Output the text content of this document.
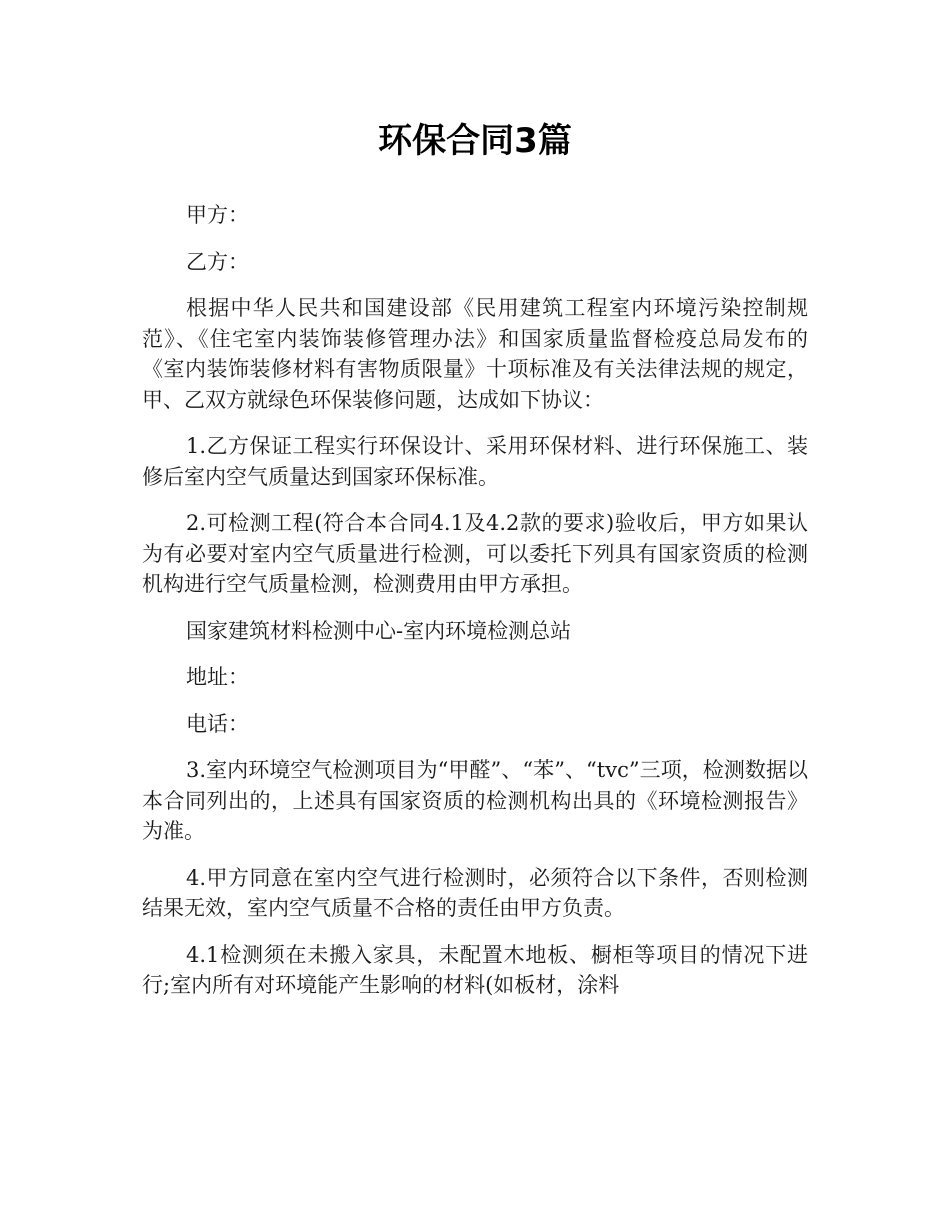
环保合同3篇

甲方：

乙方：

根据中华人民共和国建设部《民用建筑工程室内环境污染控制规范》、《住宅室内装饰装修管理办法》和国家质量监督检疫总局发布的《室内装饰装修材料有害物质限量》十项标准及有关法律法规的规定，甲、乙双方就绿色环保装修问题，达成如下协议：

1.乙方保证工程实行环保设计、采用环保材料、进行环保施工、装修后室内空气质量达到国家环保标准。

2.可检测工程(符合本合同4.1及4.2款的要求)验收后，甲方如果认为有必要对室内空气质量进行检测，可以委托下列具有国家资质的检测机构进行空气质量检测，检测费用由甲方承担。

国家建筑材料检测中心-室内环境检测总站

地址：

电话：

3.室内环境空气检测项目为“甲醛”、“苯”、“tvc”三项，检测数据以本合同列出的，上述具有国家资质的检测机构出具的《环境检测报告》为准。

4.甲方同意在室内空气进行检测时，必须符合以下条件，否则检测结果无效，室内空气质量不合格的责任由甲方负责。

4.1检测须在未搬入家具，未配置木地板、橱柜等项目的情况下进行;室内所有对环境能产生影响的材料(如板材，涂料
